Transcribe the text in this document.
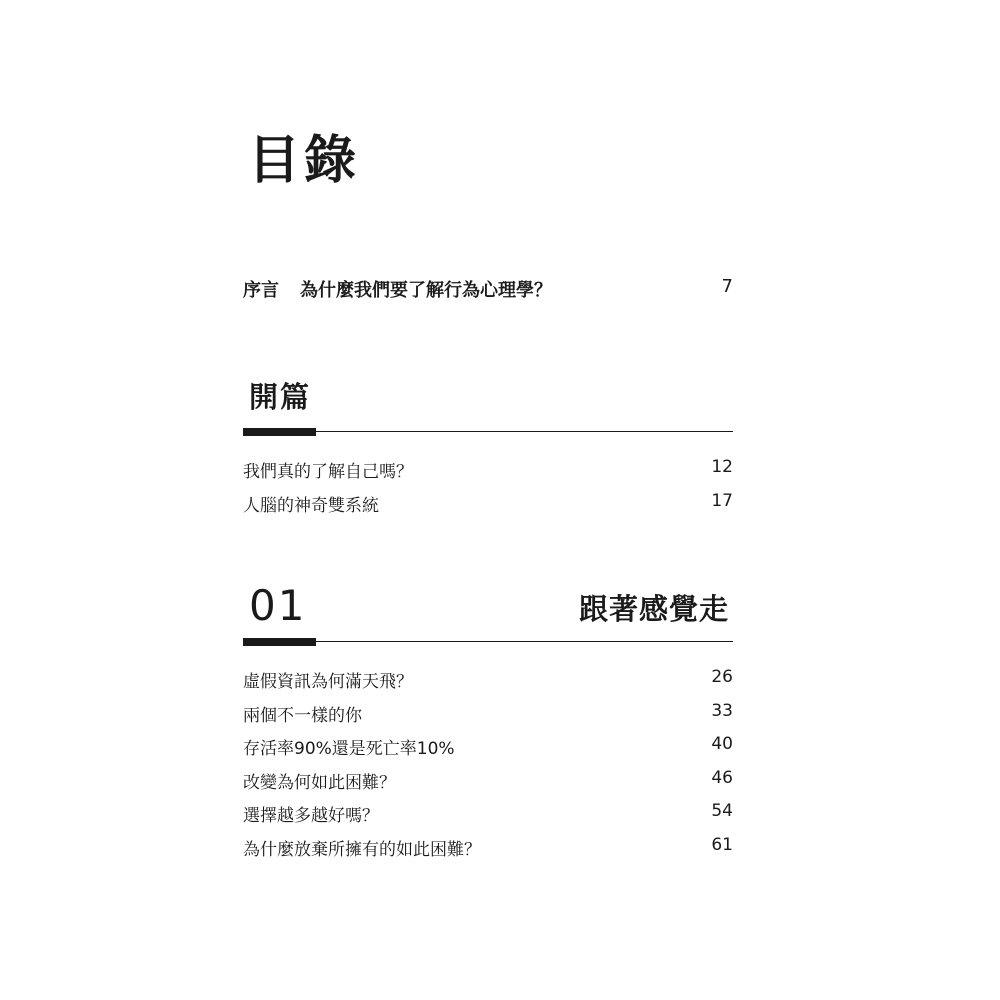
目錄
序言 為什麼我們要了解行為心理學？	7
開篇
我們真的了解自己嗎？	12
人腦的神奇雙系統	17
01	跟著感覺走
虛假資訊為何滿天飛？	26
兩個不一樣的你	33
存活率90%還是死亡率10%	40
改變為何如此困難？	46
選擇越多越好嗎？	54
為什麼放棄所擁有的如此困難？	61
